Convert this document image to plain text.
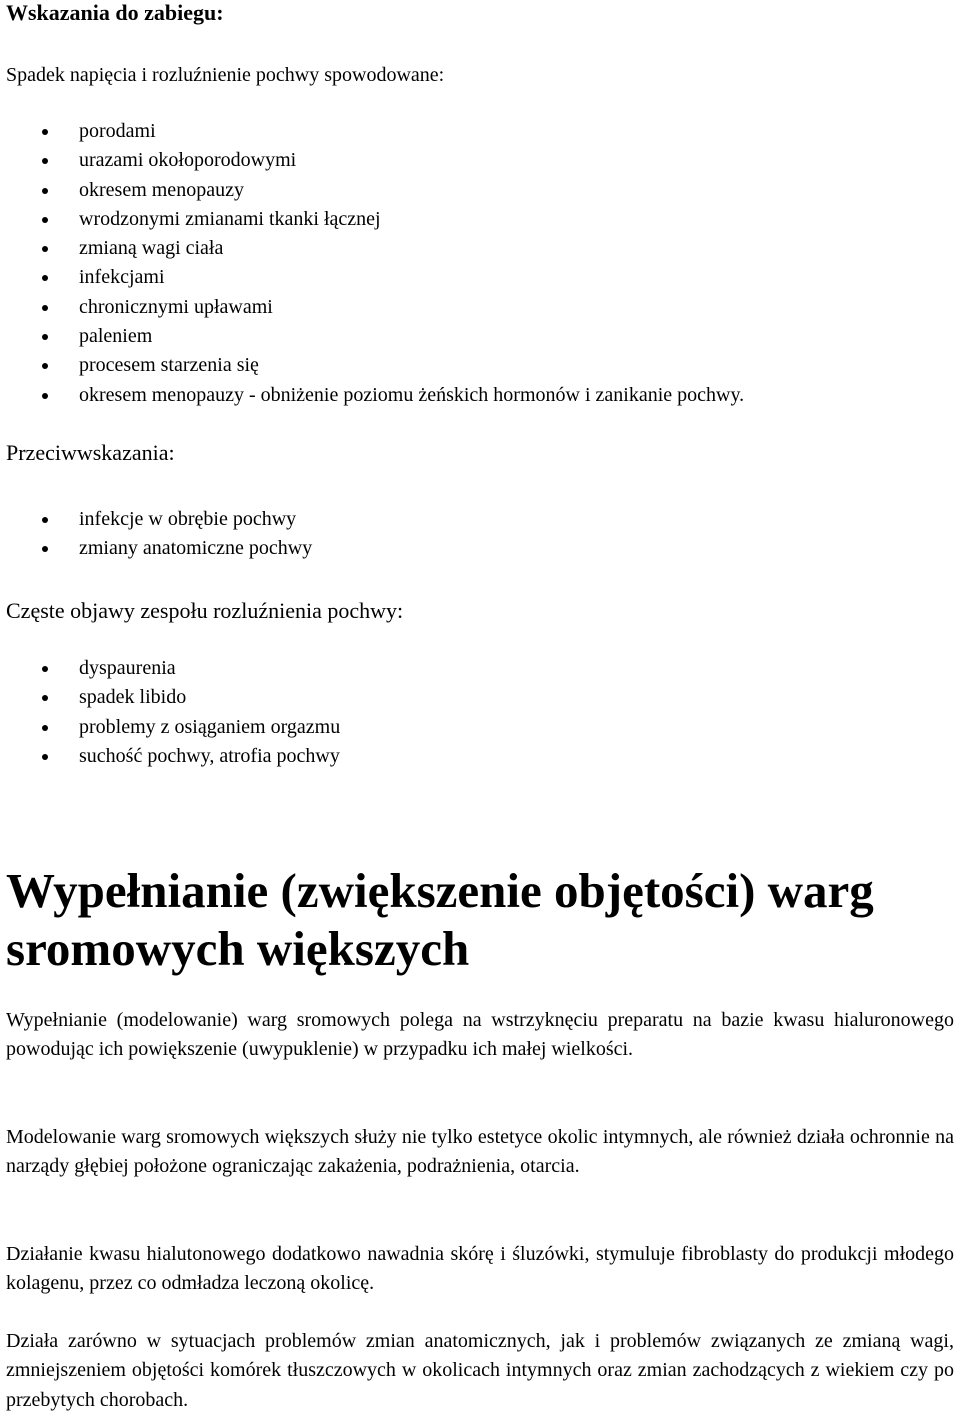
Wskazania do zabiegu:

Spadek napięcia i rozluźnienie pochwy spowodowane:

porodami
urazami okołoporodowymi
okresem menopauzy
wrodzonymi zmianami tkanki łącznej
zmianą wagi ciała
infekcjami
chronicznymi upławami
paleniem
procesem starzenia się
okresem menopauzy - obniżenie poziomu żeńskich hormonów i zanikanie pochwy.
Przeciwwskazania:
infekcje w obrębie pochwy
zmiany anatomiczne pochwy
Częste objawy zespołu rozluźnienia pochwy:
dyspaurenia
spadek libido
problemy z osiąganiem orgazmu
suchość pochwy, atrofia pochwy
Wypełnianie (zwiększenie objętości) warg sromowych większych

Wypełnianie (modelowanie) warg sromowych polega na wstrzyknęciu preparatu na bazie kwasu hialuronowego powodując ich powiększenie (uwypuklenie) w przypadku ich małej wielkości.

Modelowanie warg sromowych większych służy nie tylko estetyce okolic intymnych, ale również działa ochronnie na narządy głębiej położone ograniczając zakażenia, podrażnienia, otarcia.

Działanie kwasu hialutonowego dodatkowo nawadnia skórę i śluzówki, stymuluje fibroblasty do produkcji młodego kolagenu, przez co odmładza leczoną okolicę.

Działa zarówno w sytuacjach problemów zmian anatomicznych, jak i problemów związanych ze zmianą wagi, zmniejszeniem objętości komórek tłuszczowych w okolicach intymnych oraz zmian zachodzących z wiekiem czy po przebytych chorobach.
